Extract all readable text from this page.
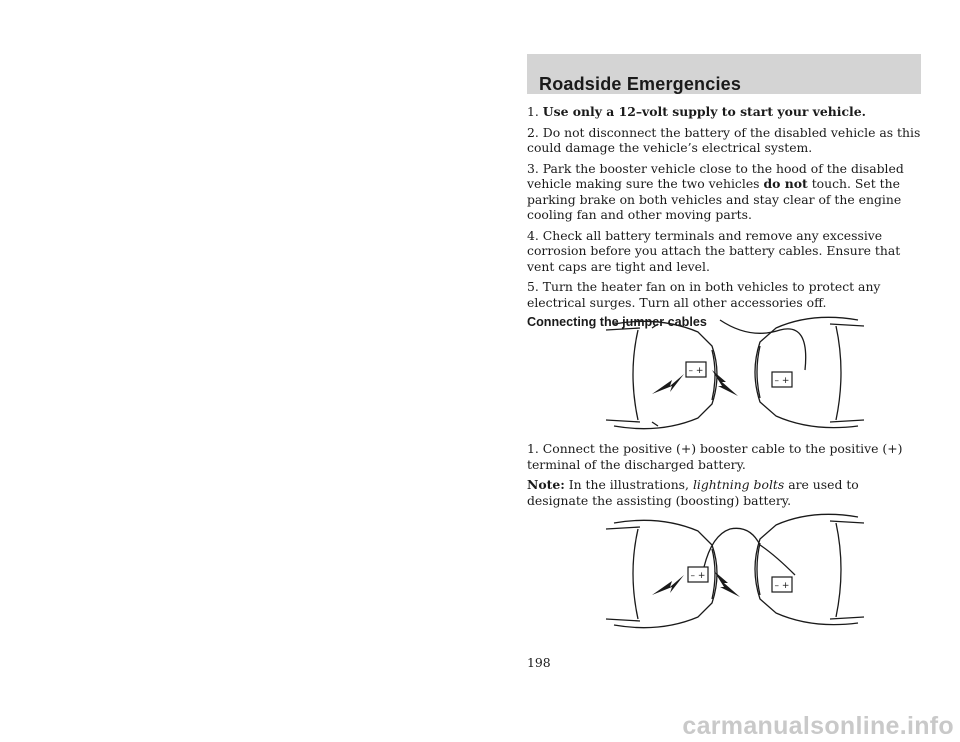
Roadside Emergencies

1. Use only a 12–volt supply to start your vehicle.

2. Do not disconnect the battery of the disabled vehicle as this could damage the vehicle’s electrical system.

3. Park the booster vehicle close to the hood of the disabled vehicle making sure the two vehicles do not touch. Set the parking brake on both vehicles and stay clear of the engine cooling fan and other moving parts.

4. Check all battery terminals and remove any excessive corrosion before you attach the battery cables. Ensure that vent caps are tight and level.

5. Turn the heater fan on in both vehicles to protect any electrical surges. Turn all other accessories off.

Connecting the jumper cables

– +
– +

1. Connect the positive (+) booster cable to the positive (+) terminal of the discharged battery.

Note: In the illustrations, lightning bolts are used to designate the assisting (boosting) battery.

– +
– +
198
carmanualsonline.info
